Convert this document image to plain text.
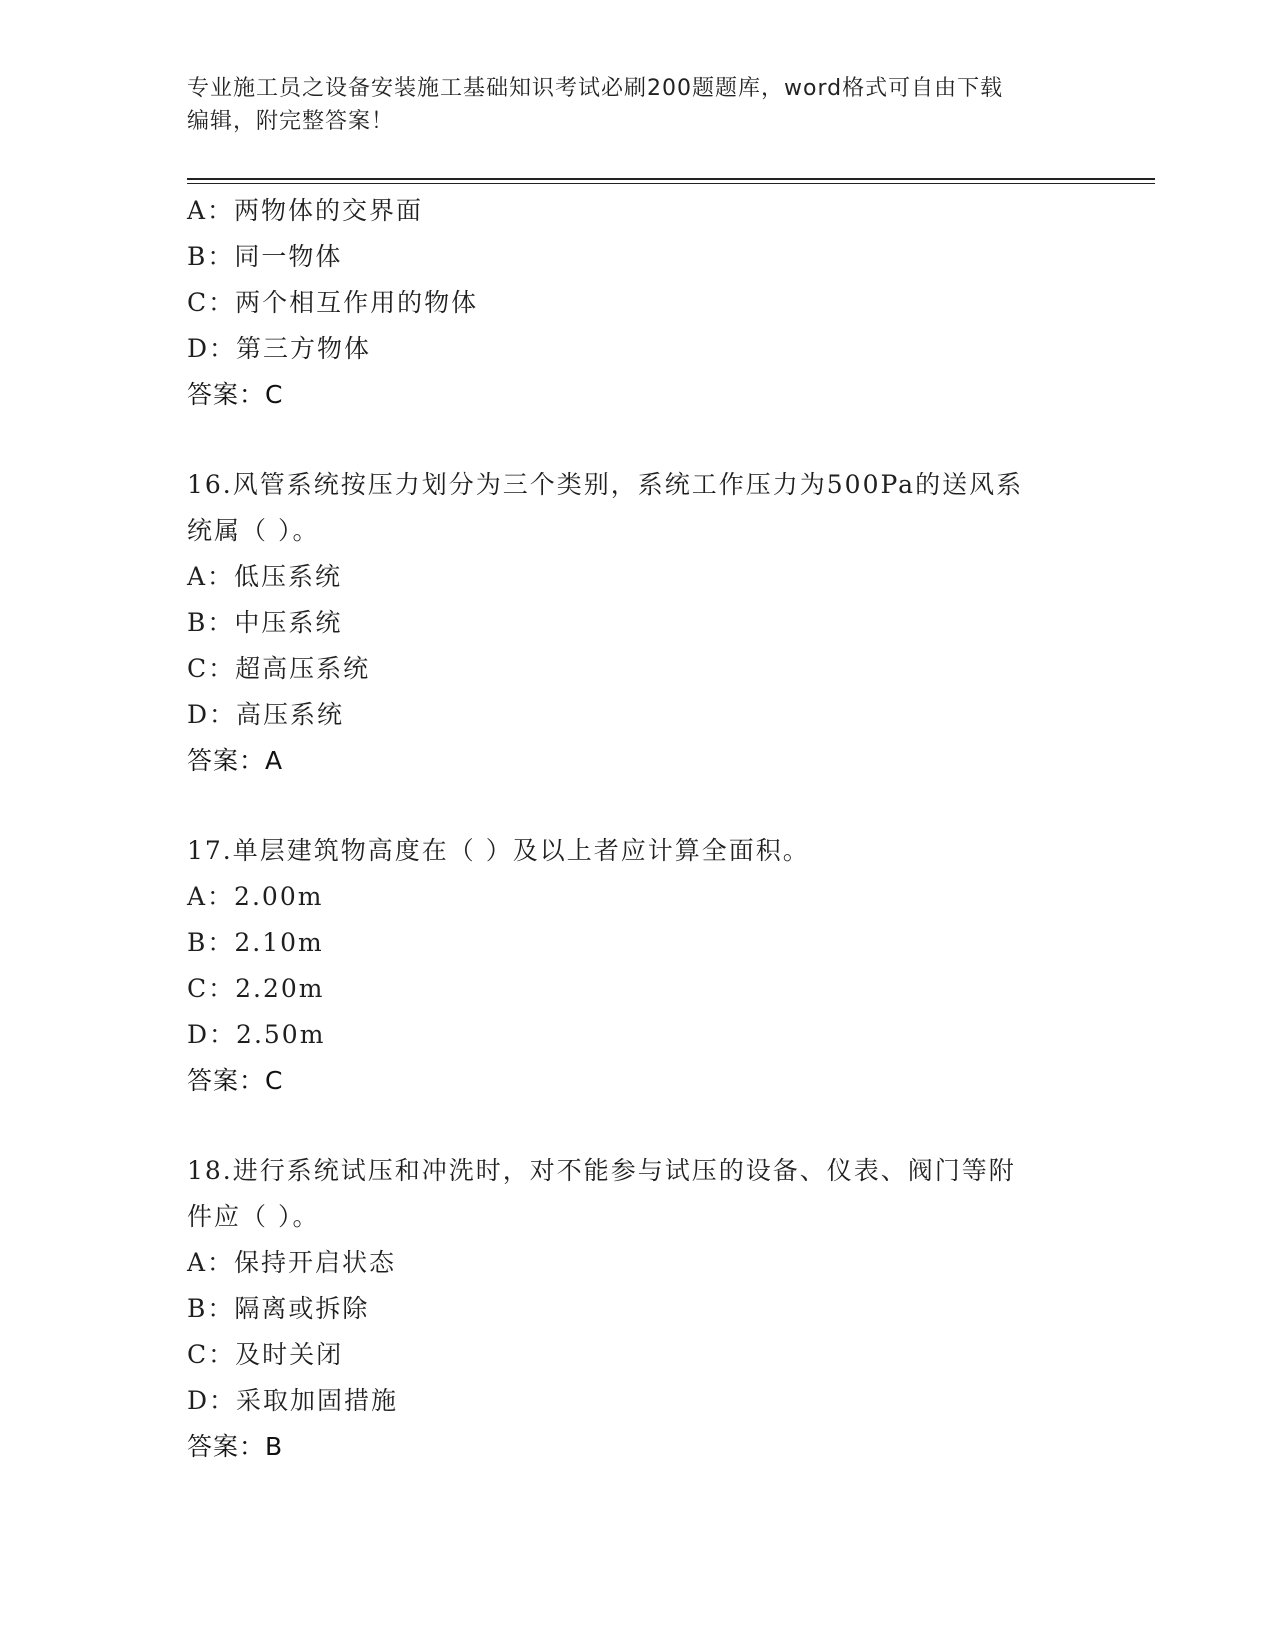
专业施工员之设备安装施工基础知识考试必刷200题题库，word格式可自由下载
编辑，附完整答案！
A：两物体的交界面
B：同一物体
C：两个相互作用的物体
D：第三方物体
答案：C
16.风管系统按压力划分为三个类别，系统工作压力为500Pa的送风系
统属（ ）。
A：低压系统
B：中压系统
C：超高压系统
D：高压系统
答案：A
17.单层建筑物高度在（ ）及以上者应计算全面积。
A：2.00m
B：2.10m
C：2.20m
D：2.50m
答案：C
18.进行系统试压和冲洗时，对不能参与试压的设备、仪表、阀门等附
件应（ ）。
A：保持开启状态
B：隔离或拆除
C：及时关闭
D：采取加固措施
答案：B
